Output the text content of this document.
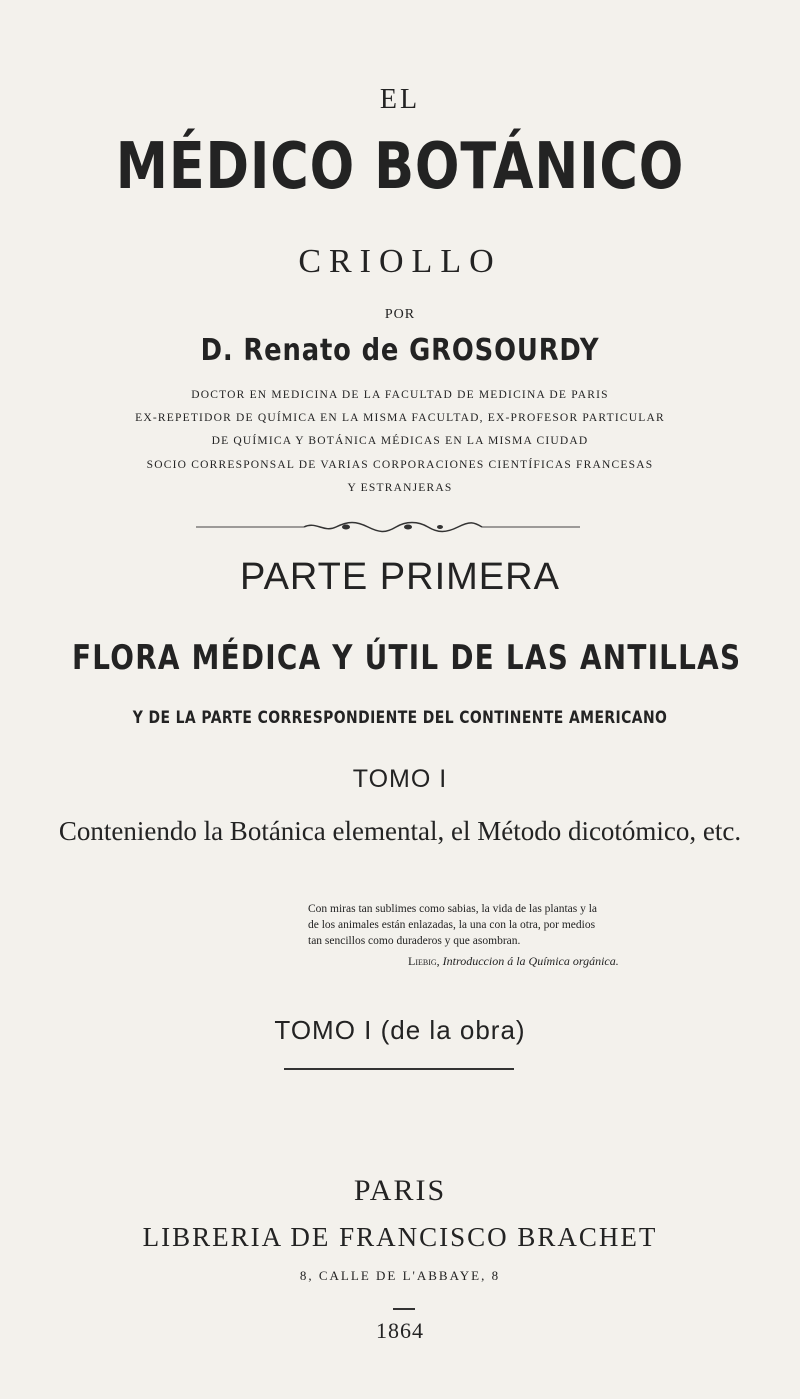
EL
MÉDICO BOTÁNICO
CRIOLLO
POR
D. Renato de GROSOURDY
DOCTOR EN MEDICINA DE LA FACULTAD DE MEDICINA DE PARIS
EX-REPETIDOR DE QUÍMICA EN LA MISMA FACULTAD, EX-PROFESOR PARTICULAR
DE QUÍMICA Y BOTÁNICA MÉDICAS EN LA MISMA CIUDAD
SOCIO CORRESPONSAL DE VARIAS CORPORACIONES CIENTÍFICAS FRANCESAS
Y ESTRANJERAS
PARTE PRIMERA
FLORA MÉDICA Y ÚTIL DE LAS ANTILLAS
Y DE LA PARTE CORRESPONDIENTE DEL CONTINENTE AMERICANO
TOMO I
Conteniendo la Botánica elemental, el Método dicotómico, etc.
Con miras tan sublimes como sabias, la vida de las plantas y la
de los animales están enlazadas, la una con la otra, por medios
tan sencillos como duraderos y que asombran.
Liebig, Introduccion á la Química orgánica.
TOMO I (de la obra)
PARIS
LIBRERIA DE FRANCISCO BRACHET
8, CALLE DE L'ABBAYE, 8
1864
